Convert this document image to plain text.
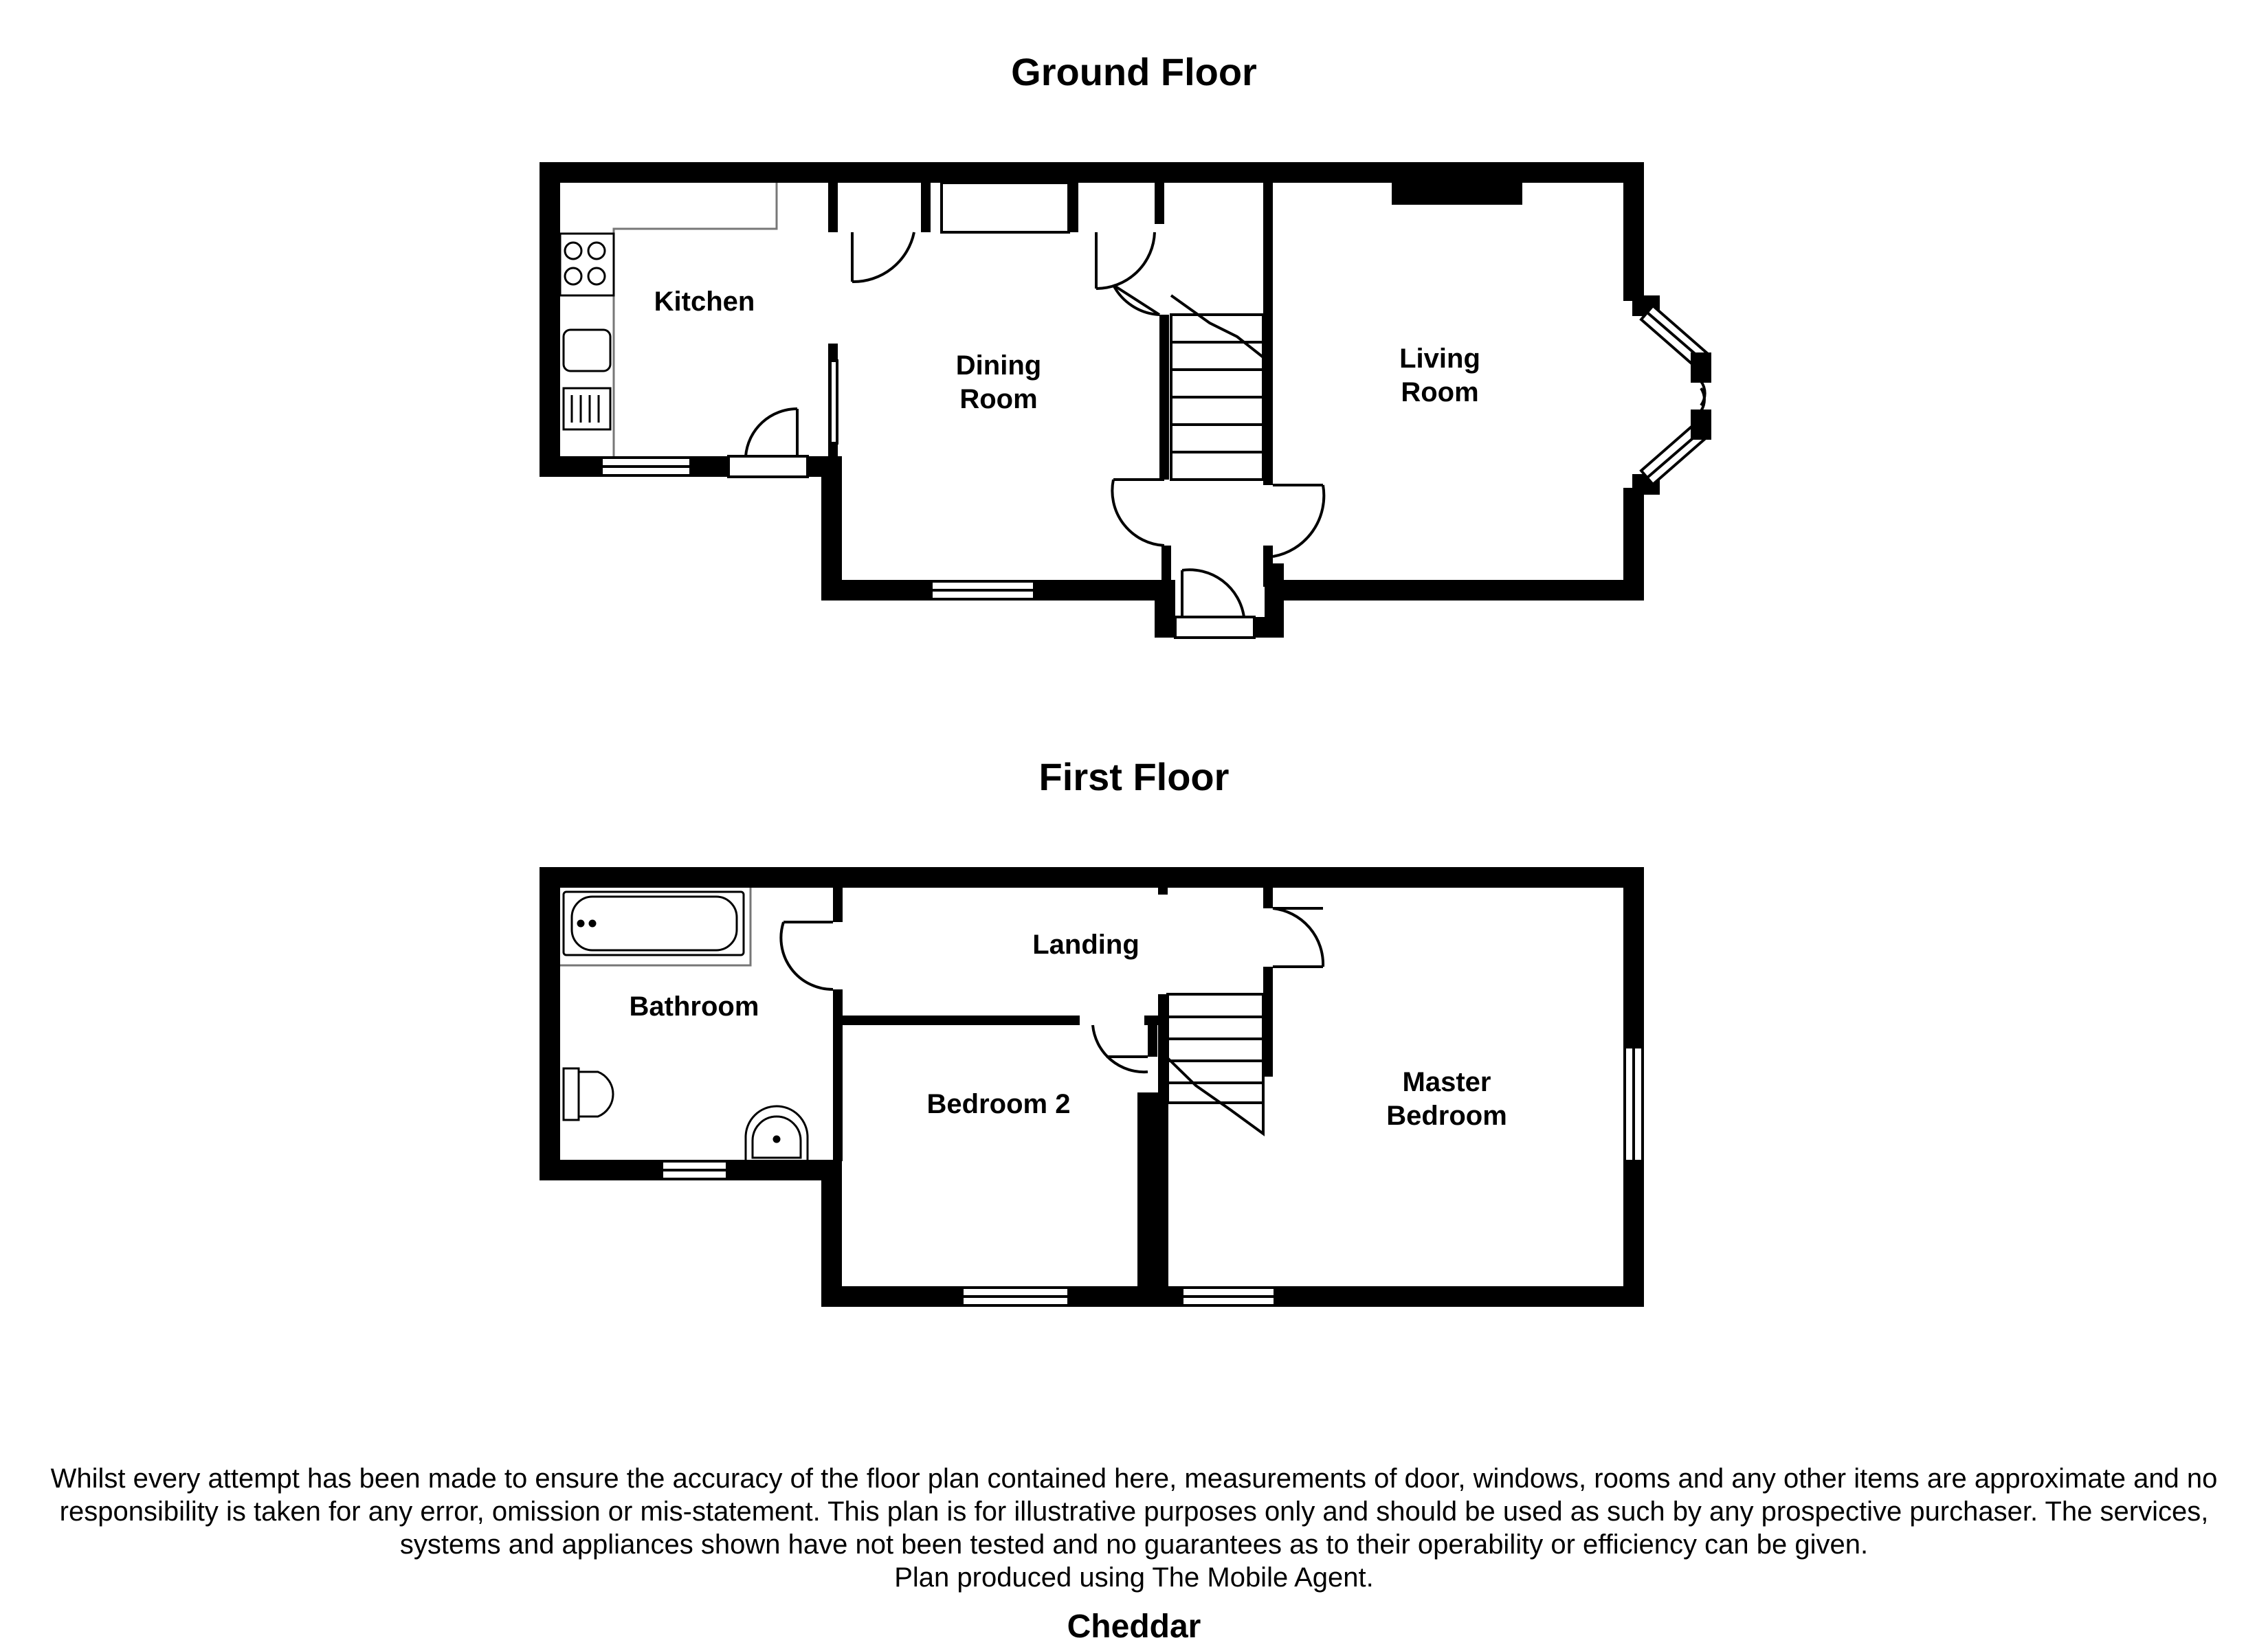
Ground Floor
First Floor
Kitchen
Dining
Room
Living
Room
Landing
Bathroom
Bedroom 2
Master
Bedroom
Whilst every attempt has been made to ensure the accuracy of the floor plan contained here, measurements of door, windows, rooms and any other items are approximate and no
responsibility is taken for any error, omission or mis-statement. This plan is for illustrative purposes only and should be used as such by any prospective purchaser. The services,
systems and appliances shown have not been tested and no guarantees as to their operability or efficiency can be given.
Plan produced using The Mobile Agent.
Cheddar
